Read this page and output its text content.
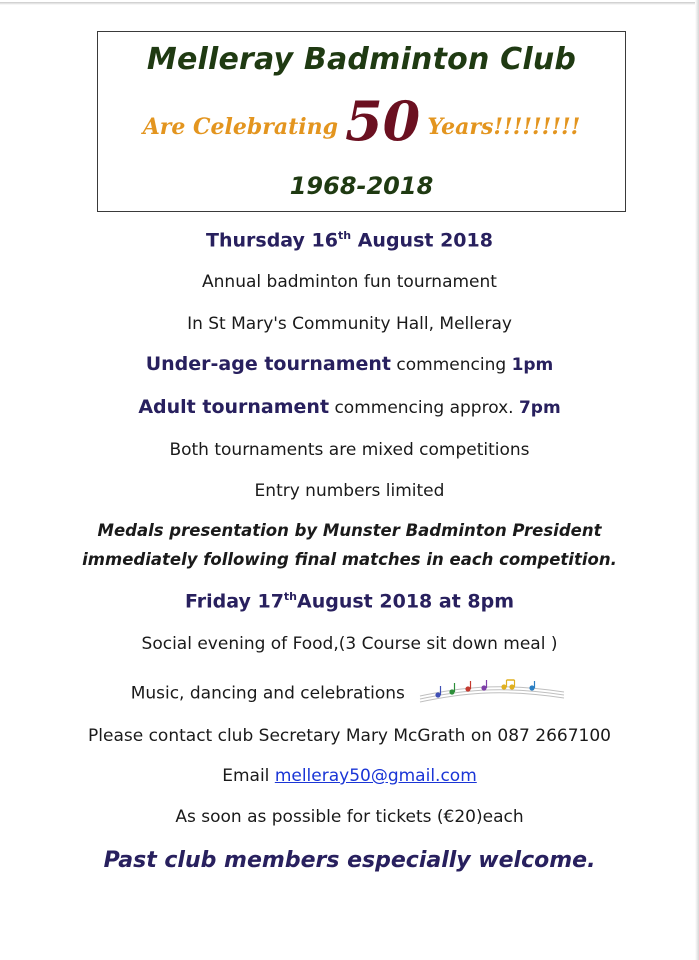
Melleray Badminton Club
Are Celebrating 50 Years!!!!!!!!!
1968-2018
Thursday 16th August 2018
Annual badminton fun tournament
In St Mary's Community Hall, Melleray
Under-age tournament commencing 1pm
Adult tournament commencing approx. 7pm
Both tournaments are mixed competitions
Entry numbers limited
Medals presentation by Munster Badminton President
immediately following final matches in each competition.
Friday 17thAugust 2018 at 8pm
Social evening of Food,(3 Course sit down meal )
Music, dancing and celebrations
Please contact club Secretary Mary McGrath on 087 2667100
Email melleray50@gmail.com
As soon as possible for tickets (€20)each
Past club members especially welcome.
